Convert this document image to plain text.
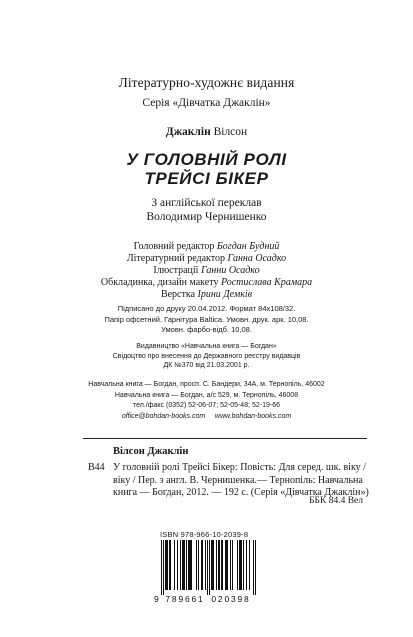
Літературно-художнє видання
Серія «Дівчатка Джаклін»
Джаклін Вілсон
У ГОЛОВНІЙ РОЛІ
ТРЕЙСІ БІКЕР
З англійської переклав
Володимир Чернишенко
Головний редактор Богдан Будний
Літературний редактор Ганна Осадко
Ілюстрації Ганни Осадко
Обкладинка, дизайн макету Ростислава Крамара
Верстка Ірини Демків
Підписано до друку 20.04.2012. Формат 84х108/32.
Папір офсетний. Гарнітура Baltica. Умовн. друк. арк. 10,08.
Умовн. фарбо-відб. 10,08.
Видавництво «Навчальна книга — Богдан»
Свідоцтво про внесення до Державного реєстру видавців
ДК №370 від 21.03.2001 р.
Навчальна книга — Богдан, просп. С. Бандери, 34А, м. Тернопіль, 46002
Навчальна книга — Богдан, а/с 529, м. Тернопіль, 46008
тел./факс (0352) 52-06-07; 52-05-48; 52-19-66
office@bohdan-books.com www.bohdan-books.com
Вілсон Джаклін
В44 У головній ролі Трейсі Бікер: Повість: Для серед. шк. віку /
віку / Пер. з англ. В. Чернишенка.— Тернопіль: Навчальна
книга — Богдан, 2012. — 192 с. (Серія «Дівчатка Джаклін»)
ББК 84.4 Вел
ISBN 978-966-10-2039-8
9 789661 020398
